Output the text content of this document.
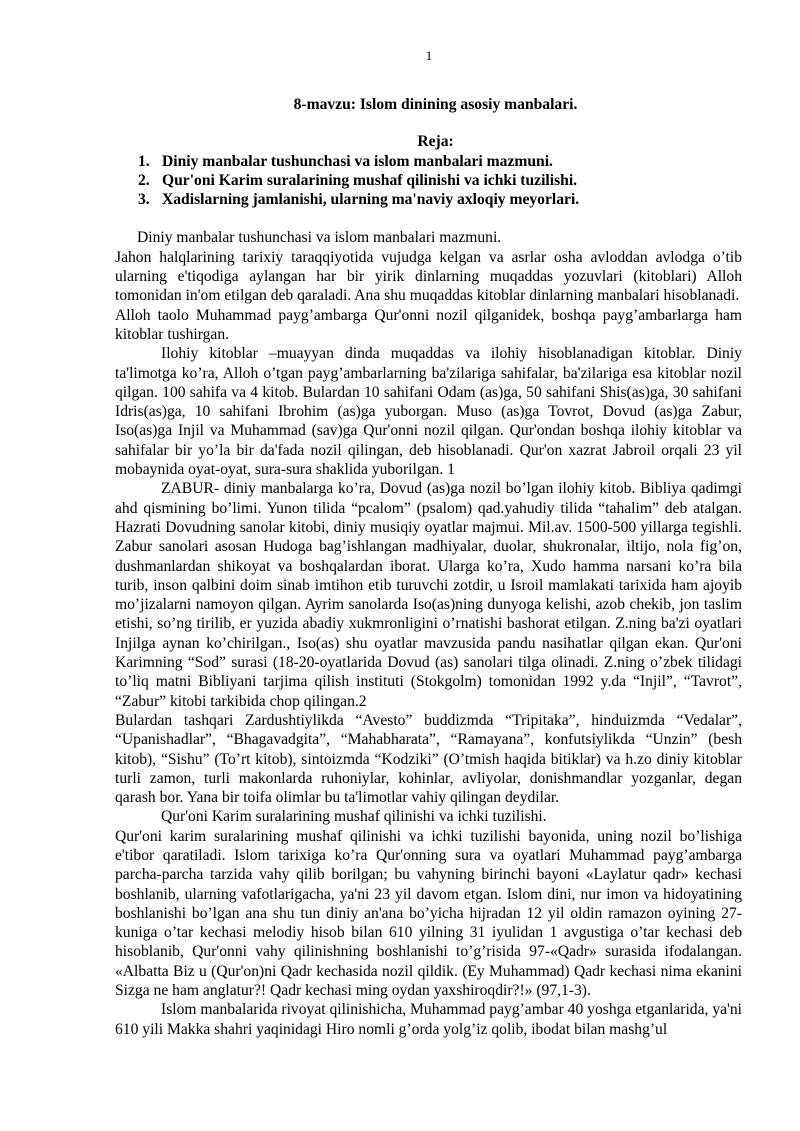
1
8-mavzu: Islom dinining asosiy manbalari.
Reja:
1. Diniy manbalar tushunchasi va islom manbalari mazmuni.
2. Qur'oni Karim suralarining mushaf qilinishi va ichki tuzilishi.
3. Xadislarning jamlanishi, ularning ma'naviy axloqiy meyorlari.

Diniy manbalar tushunchasi va islom manbalari mazmuni.

Jahon halqlarining tarixiy taraqqiyotida vujudga kelgan va asrlar osha avloddan avlodga o’tib ularning e'tiqodiga aylangan har bir yirik dinlarning muqaddas yozuvlari (kitoblari) Alloh tomonidan in'om etilgan deb qaraladi. Ana shu muqaddas kitoblar dinlarning manbalari hisoblanadi.

Alloh taolo Muhammad payg’ambarga Qur'onni nozil qilganidek, boshqa payg’ambarlarga ham kitoblar tushirgan.

Ilohiy kitoblar –muayyan dinda muqaddas va ilohiy hisoblanadigan kitoblar. Diniy ta'limotga ko’ra, Alloh o’tgan payg’ambarlarning ba'zilariga sahifalar, ba'zilariga esa kitoblar nozil qilgan. 100 sahifa va 4 kitob. Bulardan 10 sahifani Odam (as)ga, 50 sahifani Shis(as)ga, 30 sahifani Idris(as)ga, 10 sahifani Ibrohim (as)ga yuborgan. Muso (as)ga Tovrot, Dovud (as)ga Zabur, Iso(as)ga Injil va Muhammad (sav)ga Qur'onni nozil qilgan. Qur'ondan boshqa ilohiy kitoblar va sahifalar bir yo’la bir da'fada nozil qilingan, deb hisoblanadi. Qur'on xazrat Jabroil orqali 23 yil mobaynida oyat-oyat, sura-sura shaklida yuborilgan. 1

ZABUR- diniy manbalarga ko’ra, Dovud (as)ga nozil bo’lgan ilohiy kitob. Bibliya qadimgi ahd qismining bo’limi. Yunon tilida “pcalom” (psalom) qad.yahudiy tilida “tahalim” deb atalgan. Hazrati Dovudning sanolar kitobi, diniy musiqiy oyatlar majmui. Mil.av. 1500-500 yillarga tegishli. Zabur sanolari asosan Hudoga bag’ishlangan madhiyalar, duolar, shukronalar, iltijo, nola fig’on, dushmanlardan shikoyat va boshqalardan iborat. Ularga ko’ra, Xudo hamma narsani ko’ra bila turib, inson qalbini doim sinab imtihon etib turuvchi zotdir, u Isroil mamlakati tarixida ham ajoyib mo’jizalarni namoyon qilgan. Ayrim sanolarda Iso(as)ning dunyoga kelishi, azob chekib, jon taslim etishi, so’ng tirilib, er yuzida abadiy xukmronligini o’rnatishi bashorat etilgan. Z.ning ba'zi oyatlari Injilga aynan ko’chirilgan., Iso(as) shu oyatlar mavzusida pandu nasihatlar qilgan ekan. Qur'oni Karimning “Sod” surasi (18-20-oyatlarida Dovud (as) sanolari tilga olinadi. Z.ning o’zbek tilidagi to’liq matni Bibliyani tarjima qilish instituti (Stokgolm) tomonidan 1992 y.da “Injil”, “Tavrot”, “Zabur” kitobi tarkibida chop qilingan.2

Bulardan tashqari Zardushtiylikda “Avesto” buddizmda “Tripitaka”, hinduizmda “Vedalar”, “Upanishadlar”, “Bhagavadgita”, “Mahabharata”, “Ramayana”, konfutsiylikda “Unzin” (besh kitob), “Sishu” (To’rt kitob), sintoizmda “Kodziki” (O’tmish haqida bitiklar) va h.zo diniy kitoblar turli zamon, turli makonlarda ruhoniylar, kohinlar, avliyolar, donishmandlar yozganlar, degan qarash bor. Yana bir toifa olimlar bu ta'limotlar vahiy qilingan deydilar.

Qur'oni Karim suralarining mushaf qilinishi va ichki tuzilishi.

Qur'oni karim suralarining mushaf qilinishi va ichki tuzilishi bayonida, uning nozil bo’lishiga e'tibor qaratiladi. Islom tarixiga ko’ra Qur'onning sura va oyatlari Muhammad payg’ambarga parcha-parcha tarzida vahy qilib borilgan; bu vahyning birinchi bayoni «Laylatur qadr» kechasi boshlanib, ularning vafotlarigacha, ya'ni 23 yil davom etgan. Islom dini, nur imon va hidoyatining boshlanishi bo’lgan ana shu tun diniy an'ana bo’yicha hijradan 12 yil oldin ramazon oyining 27-kuniga o’tar kechasi melodiy hisob bilan 610 yilning 31 iyulidan 1 avgustiga o’tar kechasi deb hisoblanib, Qur'onni vahy qilinishning boshlanishi to’g’risida 97-«Qadr» surasida ifodalangan. «Albatta Biz u (Qur'on)ni Qadr kechasida nozil qildik. (Ey Muhammad) Qadr kechasi nima ekanini Sizga ne ham anglatur?! Qadr kechasi ming oydan yaxshiroqdir?!» (97,1-3).

Islom manbalarida rivoyat qilinishicha, Muhammad payg’ambar 40 yoshga etganlarida, ya'ni 610 yili Makka shahri yaqinidagi Hiro nomli g’orda yolg’iz qolib, ibodat bilan mashg’ul
